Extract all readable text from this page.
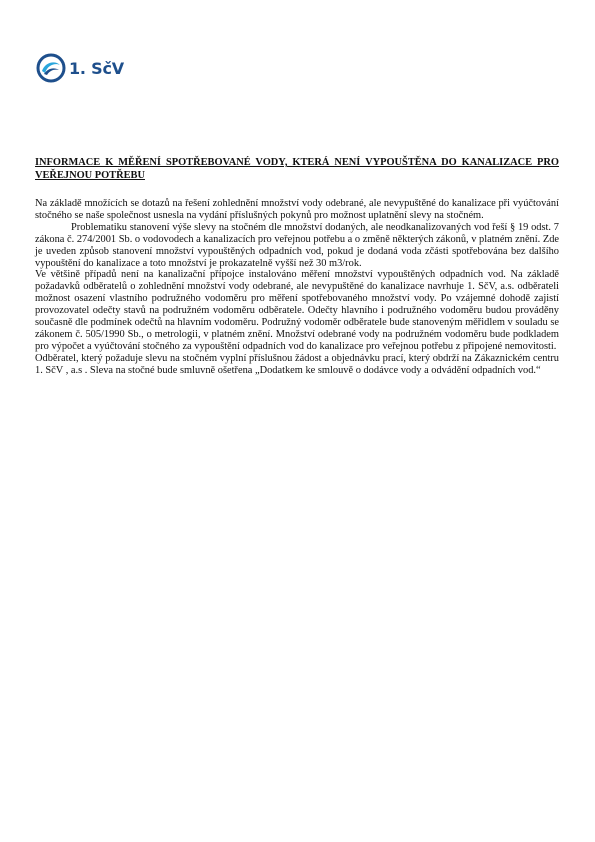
1. SčV
INFORMACE K MĚŘENÍ SPOTŘEBOVANÉ VODY, KTERÁ NENÍ VYPOUŠTĚNA DO KANALIZACE PRO VEŘEJNOU POTŘEBU

Na základě množících se dotazů na řešení zohlednění množství vody odebrané, ale nevypuštěné do kanalizace při vyúčtování stočného se naše společnost usnesla na vydání příslušných pokynů pro možnost uplatnění slevy na stočném.

Problematiku stanovení výše slevy na stočném dle množství dodaných, ale neodkanalizovaných vod řeší § 19 odst. 7 zákona č. 274/2001 Sb. o vodovodech a kanalizacích pro veřejnou potřebu a o změně některých zákonů, v platném znění. Zde je uveden způsob stanovení množství vypouštěných odpadních vod, pokud je dodaná voda zčásti spotřebována bez dalšího vypouštění do kanalizace a toto množství je prokazatelně vyšší než 30 m3/rok.

Ve většině případů není na kanalizační přípojce instalováno měření množství vypouštěných odpadních vod. Na základě požadavků odběratelů o zohlednění množství vody odebrané, ale nevypuštěné do kanalizace navrhuje 1. SčV, a.s. odběrateli možnost osazení vlastního podružného vodoměru pro měření spotřebovaného množství vody. Po vzájemné dohodě zajistí provozovatel odečty stavů na podružném vodoměru odběratele. Odečty hlavního i podružného vodoměru budou prováděny současně dle podmínek odečtů na hlavním vodoměru. Podružný vodoměr odběratele bude stanoveným měřidlem v souladu se zákonem č. 505/1990 Sb., o metrologii, v platném znění. Množství odebrané vody na podružném vodoměru bude podkladem pro výpočet a vyúčtování stočného za vypouštění odpadních vod do kanalizace pro veřejnou potřebu z připojené nemovitosti.

Odběratel, který požaduje slevu na stočném vyplní příslušnou žádost a objednávku prací, který obdrží na Zákaznickém centru 1. SčV , a.s . Sleva na stočné bude smluvně ošetřena „Dodatkem ke smlouvě o dodávce vody a odvádění odpadních vod.“
